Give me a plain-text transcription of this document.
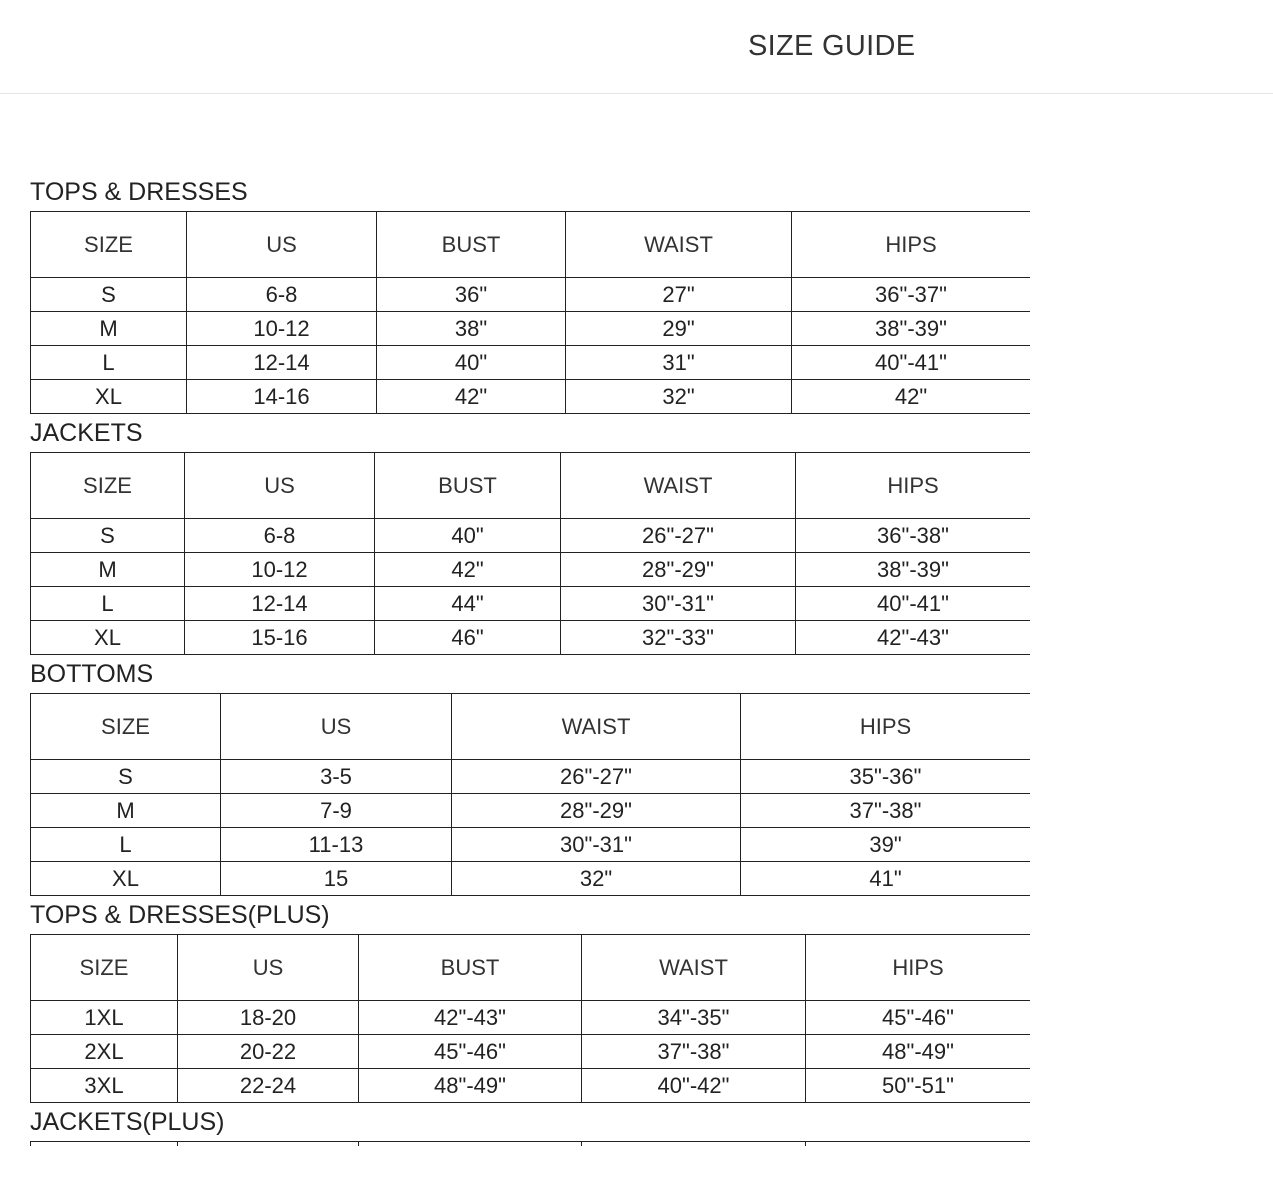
SIZE GUIDE
TOPS & DRESSES
SIZE	US	BUST	WAIST	HIPS
S	6-8	36"	27"	36"-37"
M	10-12	38"	29"	38"-39"
L	12-14	40"	31"	40"-41"
XL	14-16	42"	32"	42"
JACKETS
SIZE	US	BUST	WAIST	HIPS
S	6-8	40"	26"-27"	36"-38"
M	10-12	42"	28"-29"	38"-39"
L	12-14	44"	30"-31"	40"-41"
XL	15-16	46"	32"-33"	42"-43"
BOTTOMS
SIZE	US	WAIST	HIPS
S	3-5	26"-27"	35"-36"
M	7-9	28"-29"	37"-38"
L	11-13	30"-31"	39"
XL	15	32"	41"
TOPS & DRESSES(PLUS)
SIZE	US	BUST	WAIST	HIPS
1XL	18-20	42"-43"	34"-35"	45"-46"
2XL	20-22	45"-46"	37"-38"	48"-49"
3XL	22-24	48"-49"	40"-42"	50"-51"
JACKETS(PLUS)
